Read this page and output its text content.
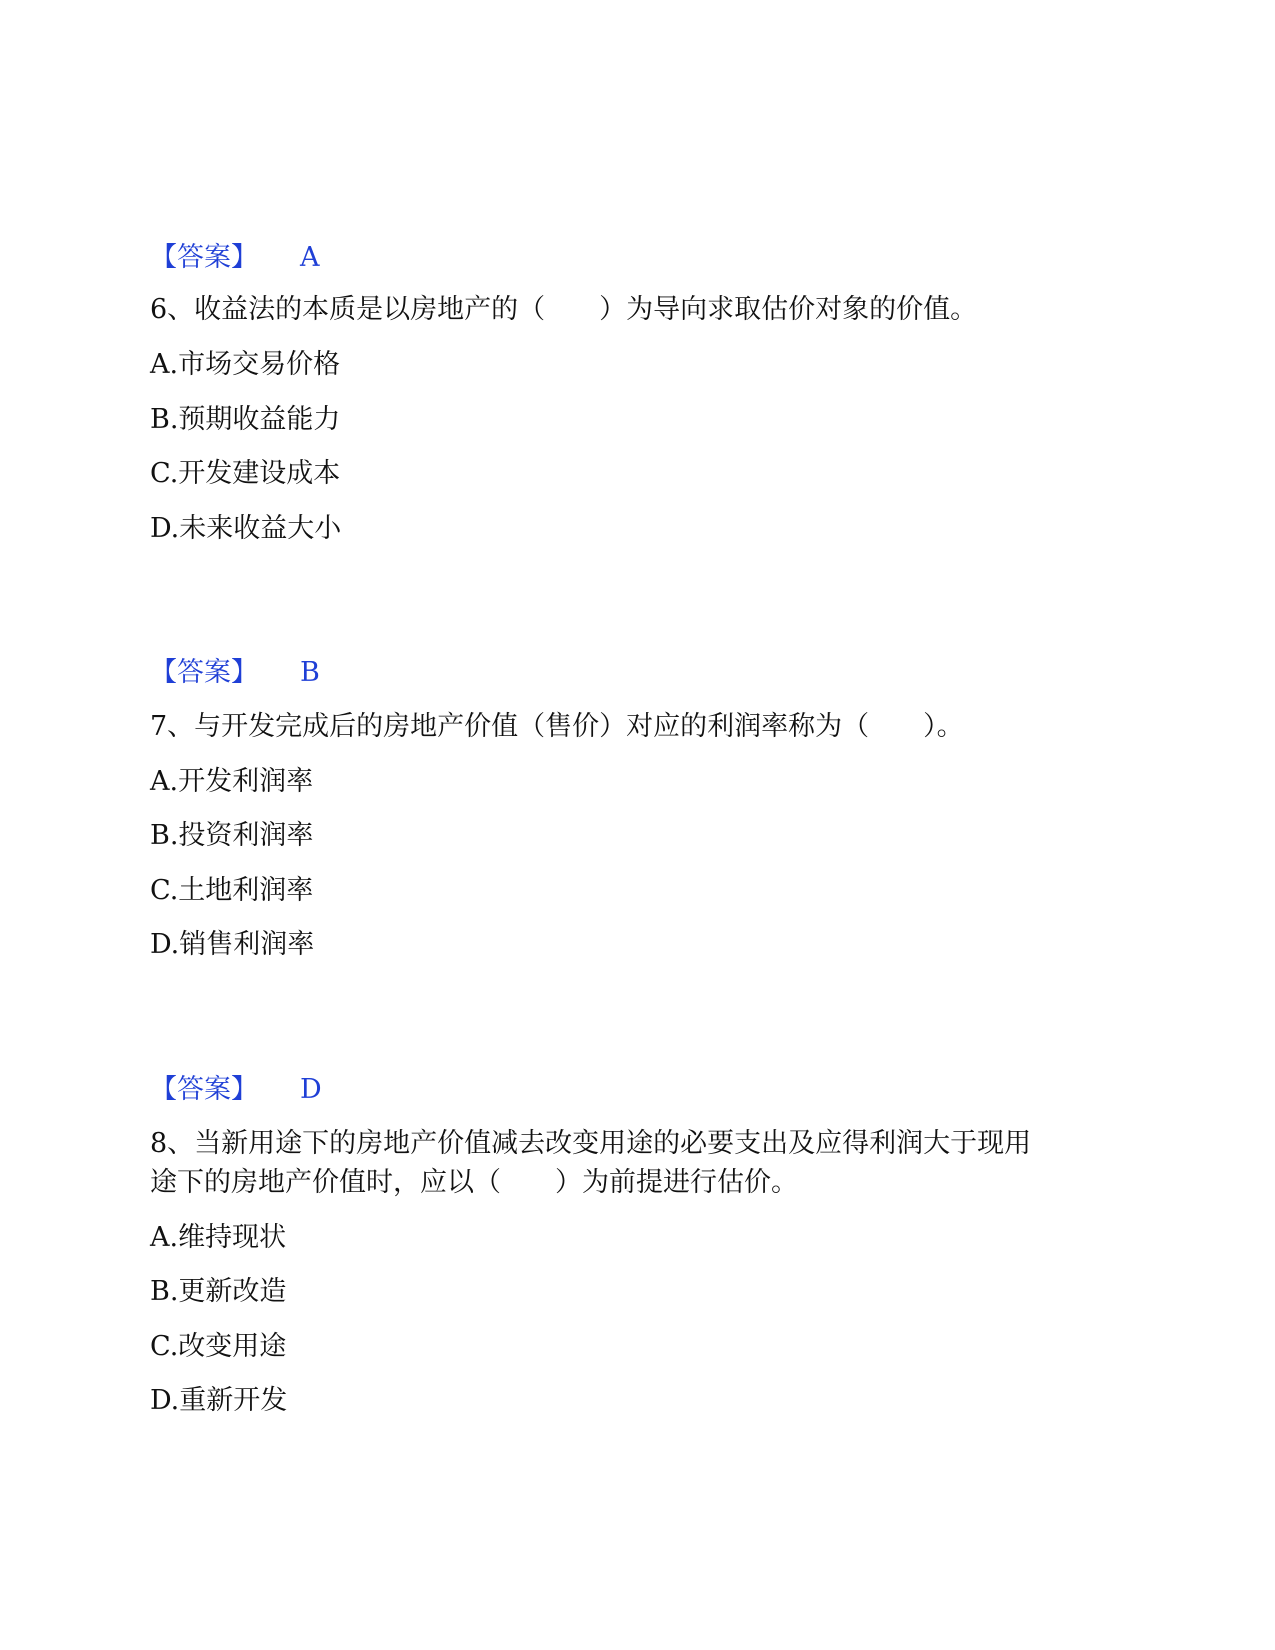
【答案】 A
6、收益法的本质是以房地产的（　　）为导向求取估价对象的价值。
A.市场交易价格
B.预期收益能力
C.开发建设成本
D.未来收益大小
【答案】 B
7、与开发完成后的房地产价值（售价）对应的利润率称为（　　）。
A.开发利润率
B.投资利润率
C.土地利润率
D.销售利润率
【答案】 D
8、当新用途下的房地产价值减去改变用途的必要支出及应得利润大于现用
途下的房地产价值时，应以（　　）为前提进行估价。
A.维持现状
B.更新改造
C.改变用途
D.重新开发
